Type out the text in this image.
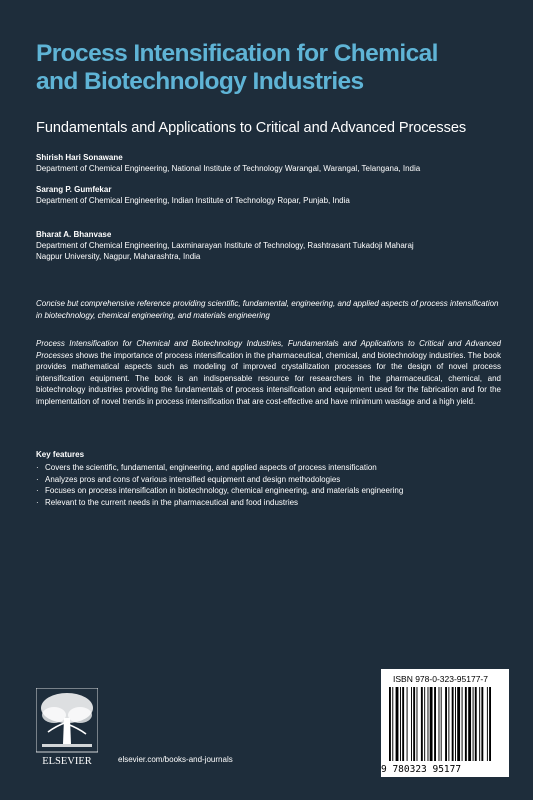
Process Intensification for Chemical
and Biotechnology Industries
Fundamentals and Applications to Critical and Advanced Processes
Shirish Hari Sonawane
Department of Chemical Engineering, National Institute of Technology Warangal, Warangal, Telangana, India
Sarang P. Gumfekar
Department of Chemical Engineering, Indian Institute of Technology Ropar, Punjab, India
Bharat A. Bhanvase
Department of Chemical Engineering, Laxminarayan Institute of Technology, Rashtrasant Tukadoji Maharaj
Nagpur University, Nagpur, Maharashtra, India
Concise but comprehensive reference providing scientific, fundamental, engineering, and applied aspects of process intensification in biotechnology, chemical engineering, and materials engineering
Process Intensification for Chemical and Biotechnology Industries, Fundamentals and Applications to Critical and Advanced Processes shows the importance of process intensification in the pharmaceutical, chemical, and biotechnology industries. The book provides mathematical aspects such as modeling of improved crystallization processes for the design of novel process intensification equipment. The book is an indispensable resource for researchers in the pharmaceutical, chemical, and biotechnology industries providing the fundamentals of process intensification and equipment used for the fabrication and for the implementation of novel trends in process intensification that are cost-effective and have minimum wastage and a high yield.
Key features
· Covers the scientific, fundamental, engineering, and applied aspects of process intensification
· Analyzes pros and cons of various intensified equipment and design methodologies
· Focuses on process intensification in biotechnology, chemical engineering, and materials engineering
· Relevant to the current needs in the pharmaceutical and food industries
ELSEVIER	elsevier.com/books-and-journals
ISBN 978-0-323-95177-7
9 780323 95177
